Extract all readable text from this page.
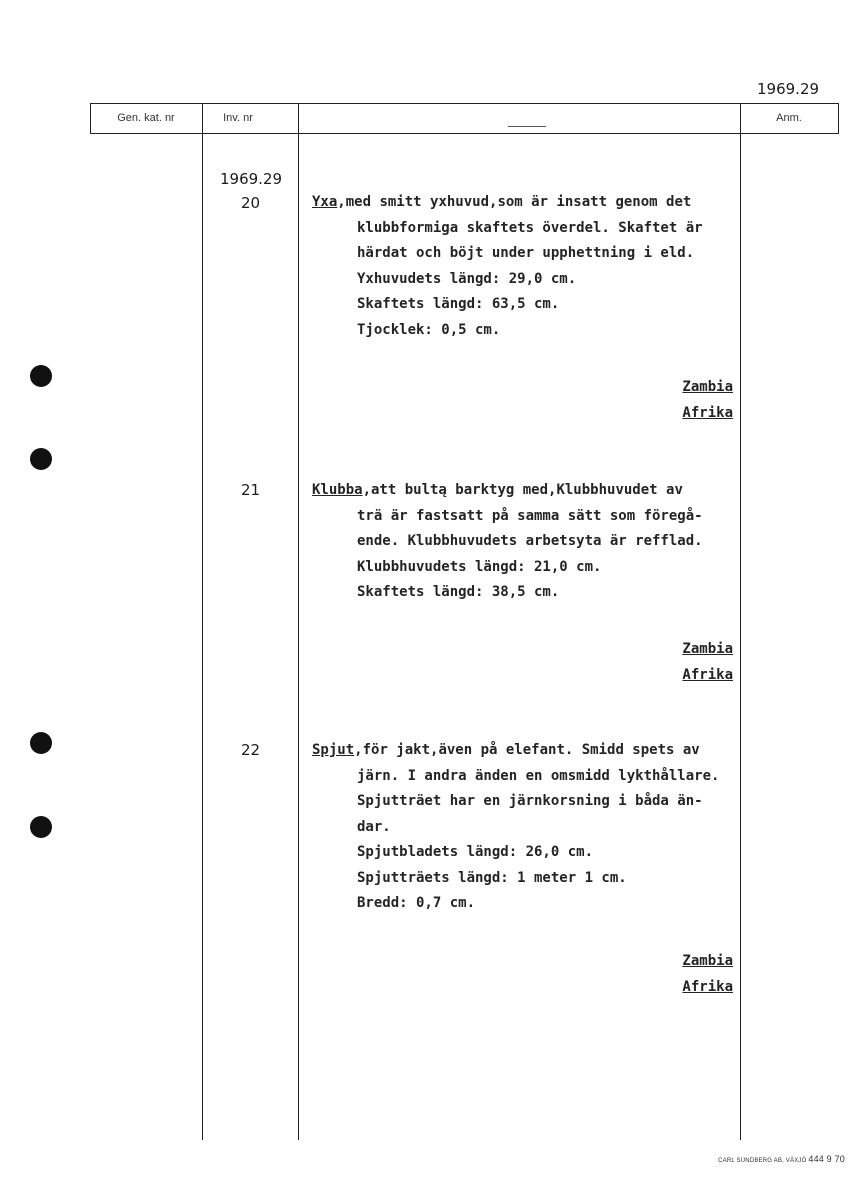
1969.29
Gen. kat. nr	Inv. nr	Anm.
1969.29
20	Yxa,med smitt yxhuvud,som är insatt genom det
klubbformiga skaftets överdel. Skaftet är
härdat och böjt under upphettning i eld.
Yxhuvudets längd: 29,0 cm.
Skaftets längd: 63,5 cm.
Tjocklek: 0,5 cm.
Zambia
Afrika
21	Klubba,att bultą barktyg med,Klubbhuvudet av
trä är fastsatt på samma sätt som föregå-
ende. Klubbhuvudets arbetsyta är refflad.
Klubbhuvudets längd: 21,0 cm.
Skaftets längd: 38,5 cm.
Zambia
Afrika
22	Spjut,för jakt,även på elefant. Smidd spets av
järn. I andra änden en omsmidd lykthållare.
Spjutträet har en järnkorsning i båda än-
dar.
Spjutbladets längd: 26,0 cm.
Spjutträets längd: 1 meter 1 cm.
Bredd: 0,7 cm.
Zambia
Afrika
CARL SUNDBERG AB, VÄXJÖ 444 9 70
